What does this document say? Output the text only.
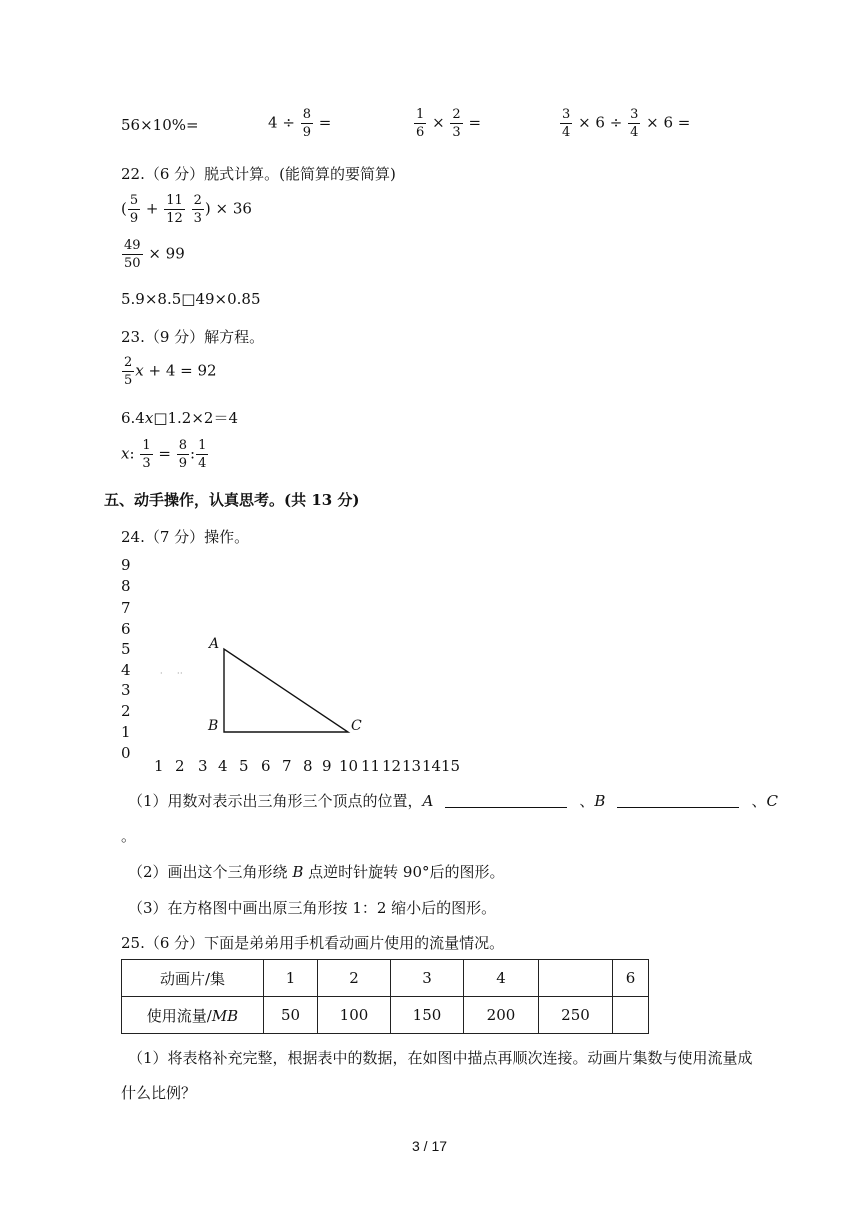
56×10%=	$4 \div \frac{8}{9}$ =	$\frac{1}{6} \times \frac{2}{3}$ =	$\frac{3}{4} \times 6 \div \frac{3}{4} \times 6$ =
22.（6 分）脱式计算。(能简算的要简算)
( $\frac{5}{9} + \frac{11}{12}$
$\frac{2}{3}$ ) × 36
$\frac{49}{50} \times 99$
5.9×8.5□49×0.85
23.（9 分）解方程。
$\frac{2}{5}$ x + 4 = 92
6.4x□1.2×2＝4
x: $\frac{1}{3} = \frac{8}{9}$ : $\frac{1}{4}$
五、动手操作，认真思考。(共 13 分)
24.（7 分）操作。
9
8
7
6
5
4
3
2
1
0
1 2 3 4 5 6 7 8 9 10 11 12 13 14 15
· · ·
A
B	C
（1）用数对表示出三角形三个顶点的位置，A	、B	、C
。
（2）画出这个三角形绕 B 点逆时针旋转 90°后的图形。
（3）在方格图中画出原三角形按 1：2 缩小后的图形。
25.（6 分）下面是弟弟用手机看动画片使用的流量情况。
动画片/集	1	2	3	4		6
使用流量/MB	50	100	150	200	250	
（1）将表格补充完整，根据表中的数据，在如图中描点再顺次连接。动画片集数与使用流量成
什么比例？
3 / 17
